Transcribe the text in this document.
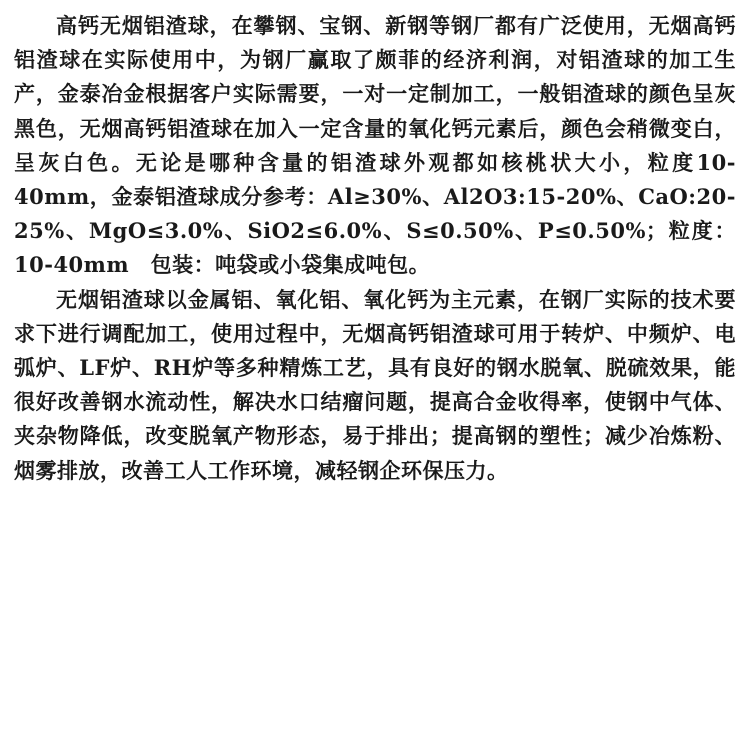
高钙无烟铝渣球，在攀钢、宝钢、新钢等钢厂都有广泛使用，无烟高钙铝渣球在实际使用中，为钢厂赢取了颇菲的经济利润，对铝渣球的加工生产，金泰冶金根据客户实际需要，一对一定制加工，一般铝渣球的颜色呈灰黑色，无烟高钙铝渣球在加入一定含量的氧化钙元素后，颜色会稍微变白，呈灰白色。无论是哪种含量的铝渣球外观都如核桃状大小，粒度10-40mm，金泰铝渣球成分参考：Al≥30%、Al2O3:15-20%、CaO:20-25%、MgO≤3.0%、SiO2≤6.0%、S≤0.50%、P≤0.50%；粒度：10-40mm　包装：吨袋或小袋集成吨包。

无烟铝渣球以金属铝、氧化铝、氧化钙为主元素，在钢厂实际的技术要求下进行调配加工，使用过程中，无烟高钙铝渣球可用于转炉、中频炉、电弧炉、LF炉、RH炉等多种精炼工艺，具有良好的钢水脱氧、脱硫效果，能很好改善钢水流动性，解决水口结瘤问题，提高合金收得率，使钢中气体、夹杂物降低，改变脱氧产物形态，易于排出；提高钢的塑性；减少冶炼粉、烟雾排放，改善工人工作环境，减轻钢企环保压力。
